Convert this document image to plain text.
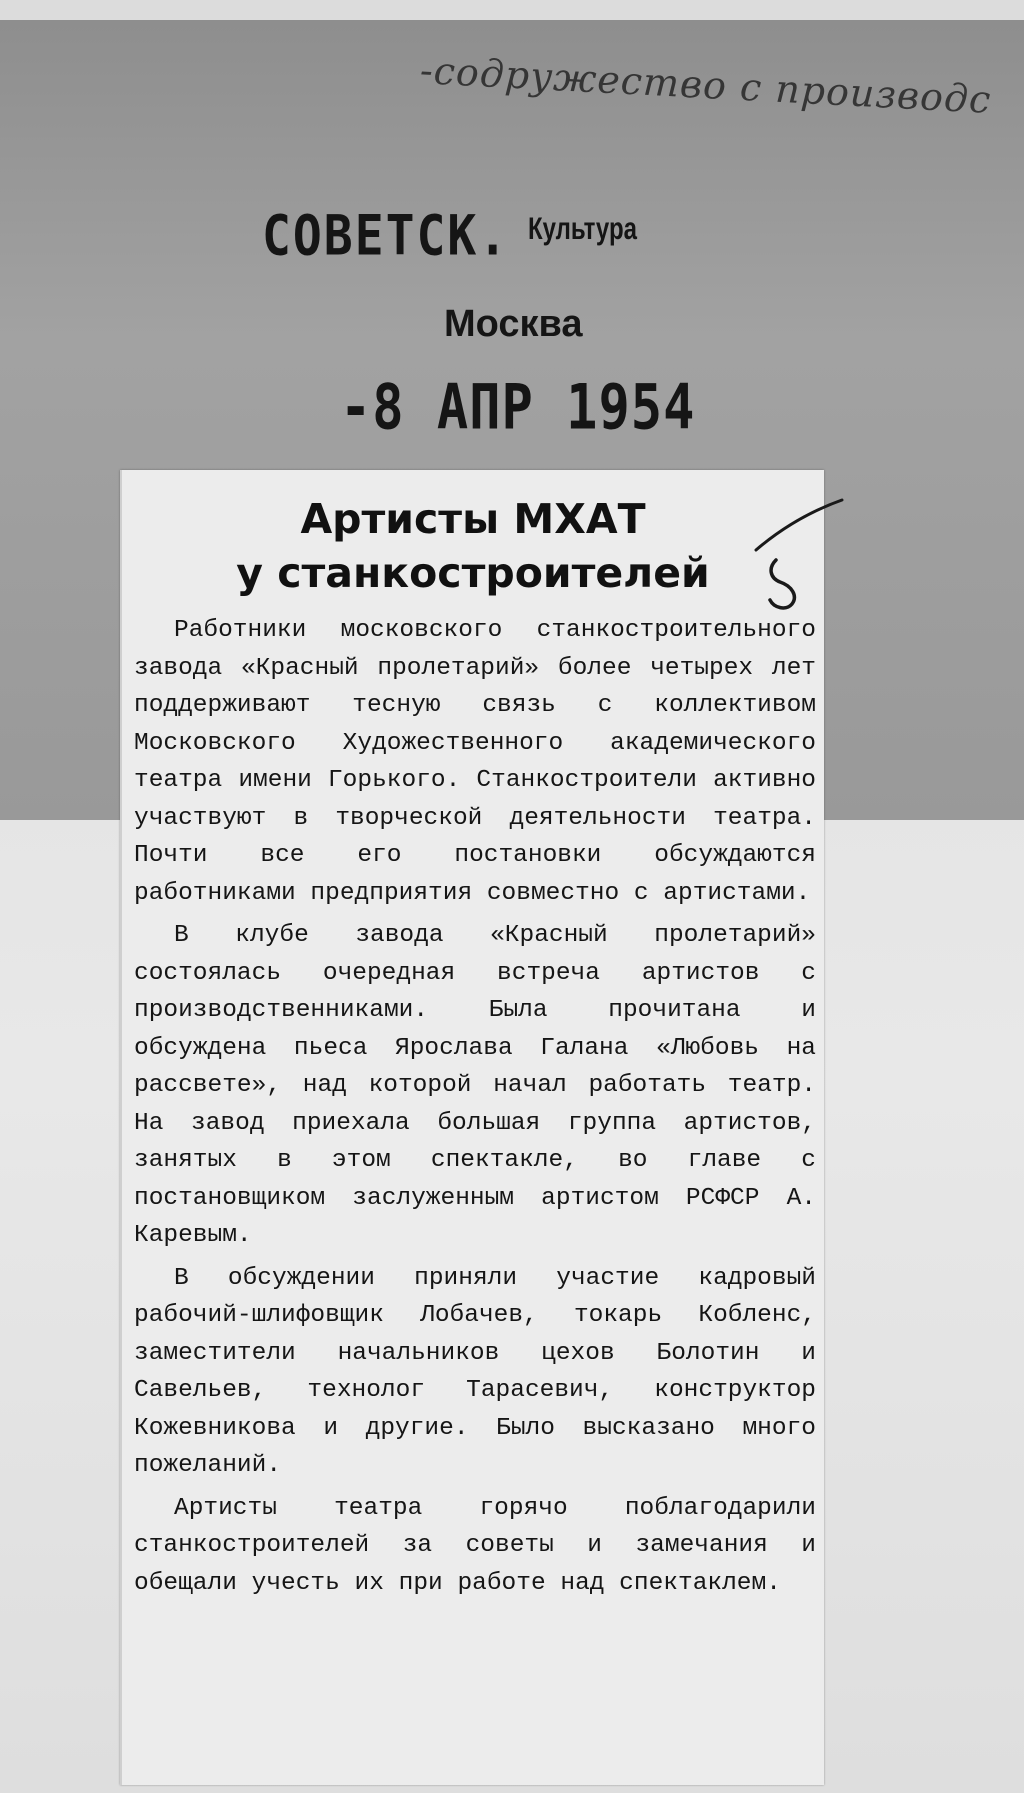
-содружество с производс
СОВЕТСК. Культура
Москва
-8 АПР 1954
Артисты МХАТ
у станкостроителей

Работники московского станкостроительного завода «Красный пролетарий» более четырех лет поддерживают тесную связь с коллективом Московского Художественного академического театра имени Горького. Станкостроители активно участвуют в творческой деятельности театра. Почти все его постановки обсуждаются работниками предприятия совместно с артистами.

В клубе завода «Красный пролетарий» состоялась очередная встреча артистов с производственниками. Была прочитана и обсуждена пьеса Ярослава Галана «Любовь на рассвете», над которой начал работать театр. На завод приехала большая группа артистов, занятых в этом спектакле, во главе с постановщиком заслуженным артистом РСФСР А. Каревым.

В обсуждении приняли участие кадровый рабочий-шлифовщик Лобачев, токарь Кобленс, заместители начальников цехов Болотин и Савельев, технолог Тарасевич, конструктор Кожевникова и другие. Было высказано много пожеланий.

Артисты театра горячо поблагодарили станкостроителей за советы и замечания и обещали учесть их при работе над спектаклем.
